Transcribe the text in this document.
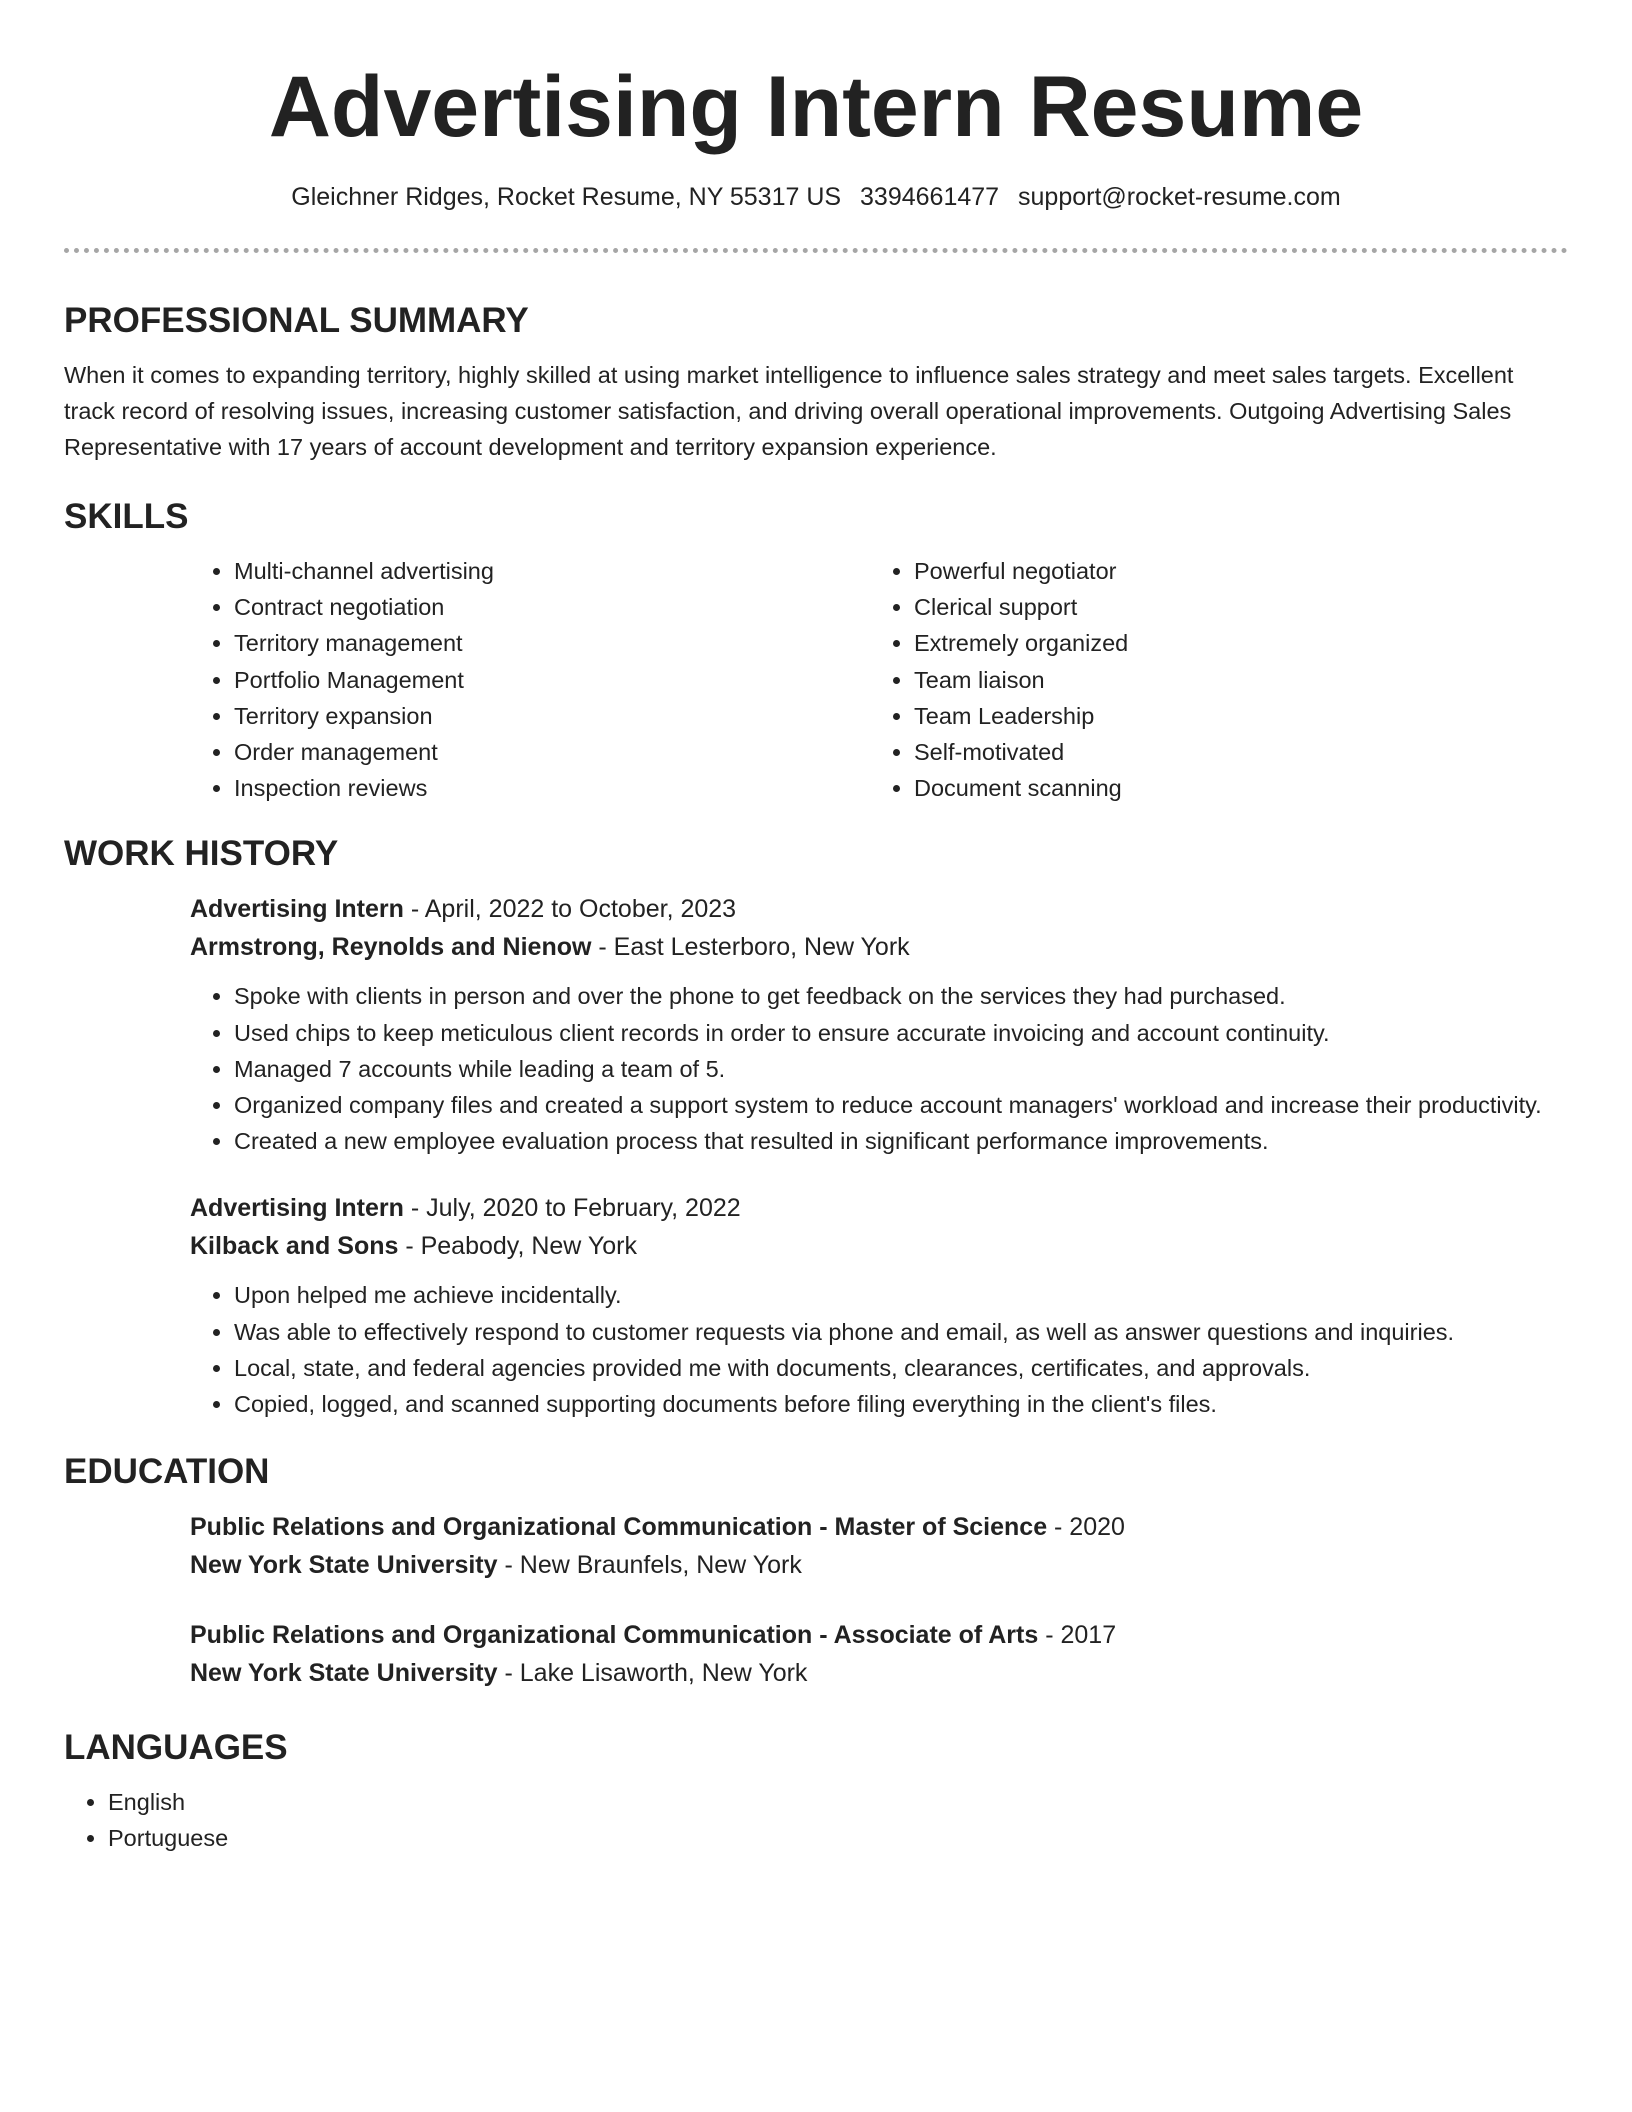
Advertising Intern Resume
Gleichner Ridges, Rocket Resume, NY 55317 US 3394661477 support@rocket-resume.com
PROFESSIONAL SUMMARY

When it comes to expanding territory, highly skilled at using market intelligence to influence sales strategy and meet sales targets. Excellent track record of resolving issues, increasing customer satisfaction, and driving overall operational improvements. Outgoing Advertising Sales Representative with 17 years of account development and territory expansion experience.

SKILLS
• Multi-channel advertising
• Contract negotiation
• Territory management
• Portfolio Management
• Territory expansion
• Order management
• Inspection reviews
• Powerful negotiator
• Clerical support
• Extremely organized
• Team liaison
• Team Leadership
• Self-motivated
• Document scanning
WORK HISTORY
Advertising Intern - April, 2022 to October, 2023
Armstrong, Reynolds and Nienow - East Lesterboro, New York
• Spoke with clients in person and over the phone to get feedback on the services they had purchased.
• Used chips to keep meticulous client records in order to ensure accurate invoicing and account continuity.
• Managed 7 accounts while leading a team of 5.
• Organized company files and created a support system to reduce account managers' workload and increase their productivity.
• Created a new employee evaluation process that resulted in significant performance improvements.
Advertising Intern - July, 2020 to February, 2022
Kilback and Sons - Peabody, New York
• Upon helped me achieve incidentally.
• Was able to effectively respond to customer requests via phone and email, as well as answer questions and inquiries.
• Local, state, and federal agencies provided me with documents, clearances, certificates, and approvals.
• Copied, logged, and scanned supporting documents before filing everything in the client's files.
EDUCATION
Public Relations and Organizational Communication - Master of Science - 2020
New York State University - New Braunfels, New York
Public Relations and Organizational Communication - Associate of Arts - 2017
New York State University - Lake Lisaworth, New York
LANGUAGES
• English
• Portuguese
